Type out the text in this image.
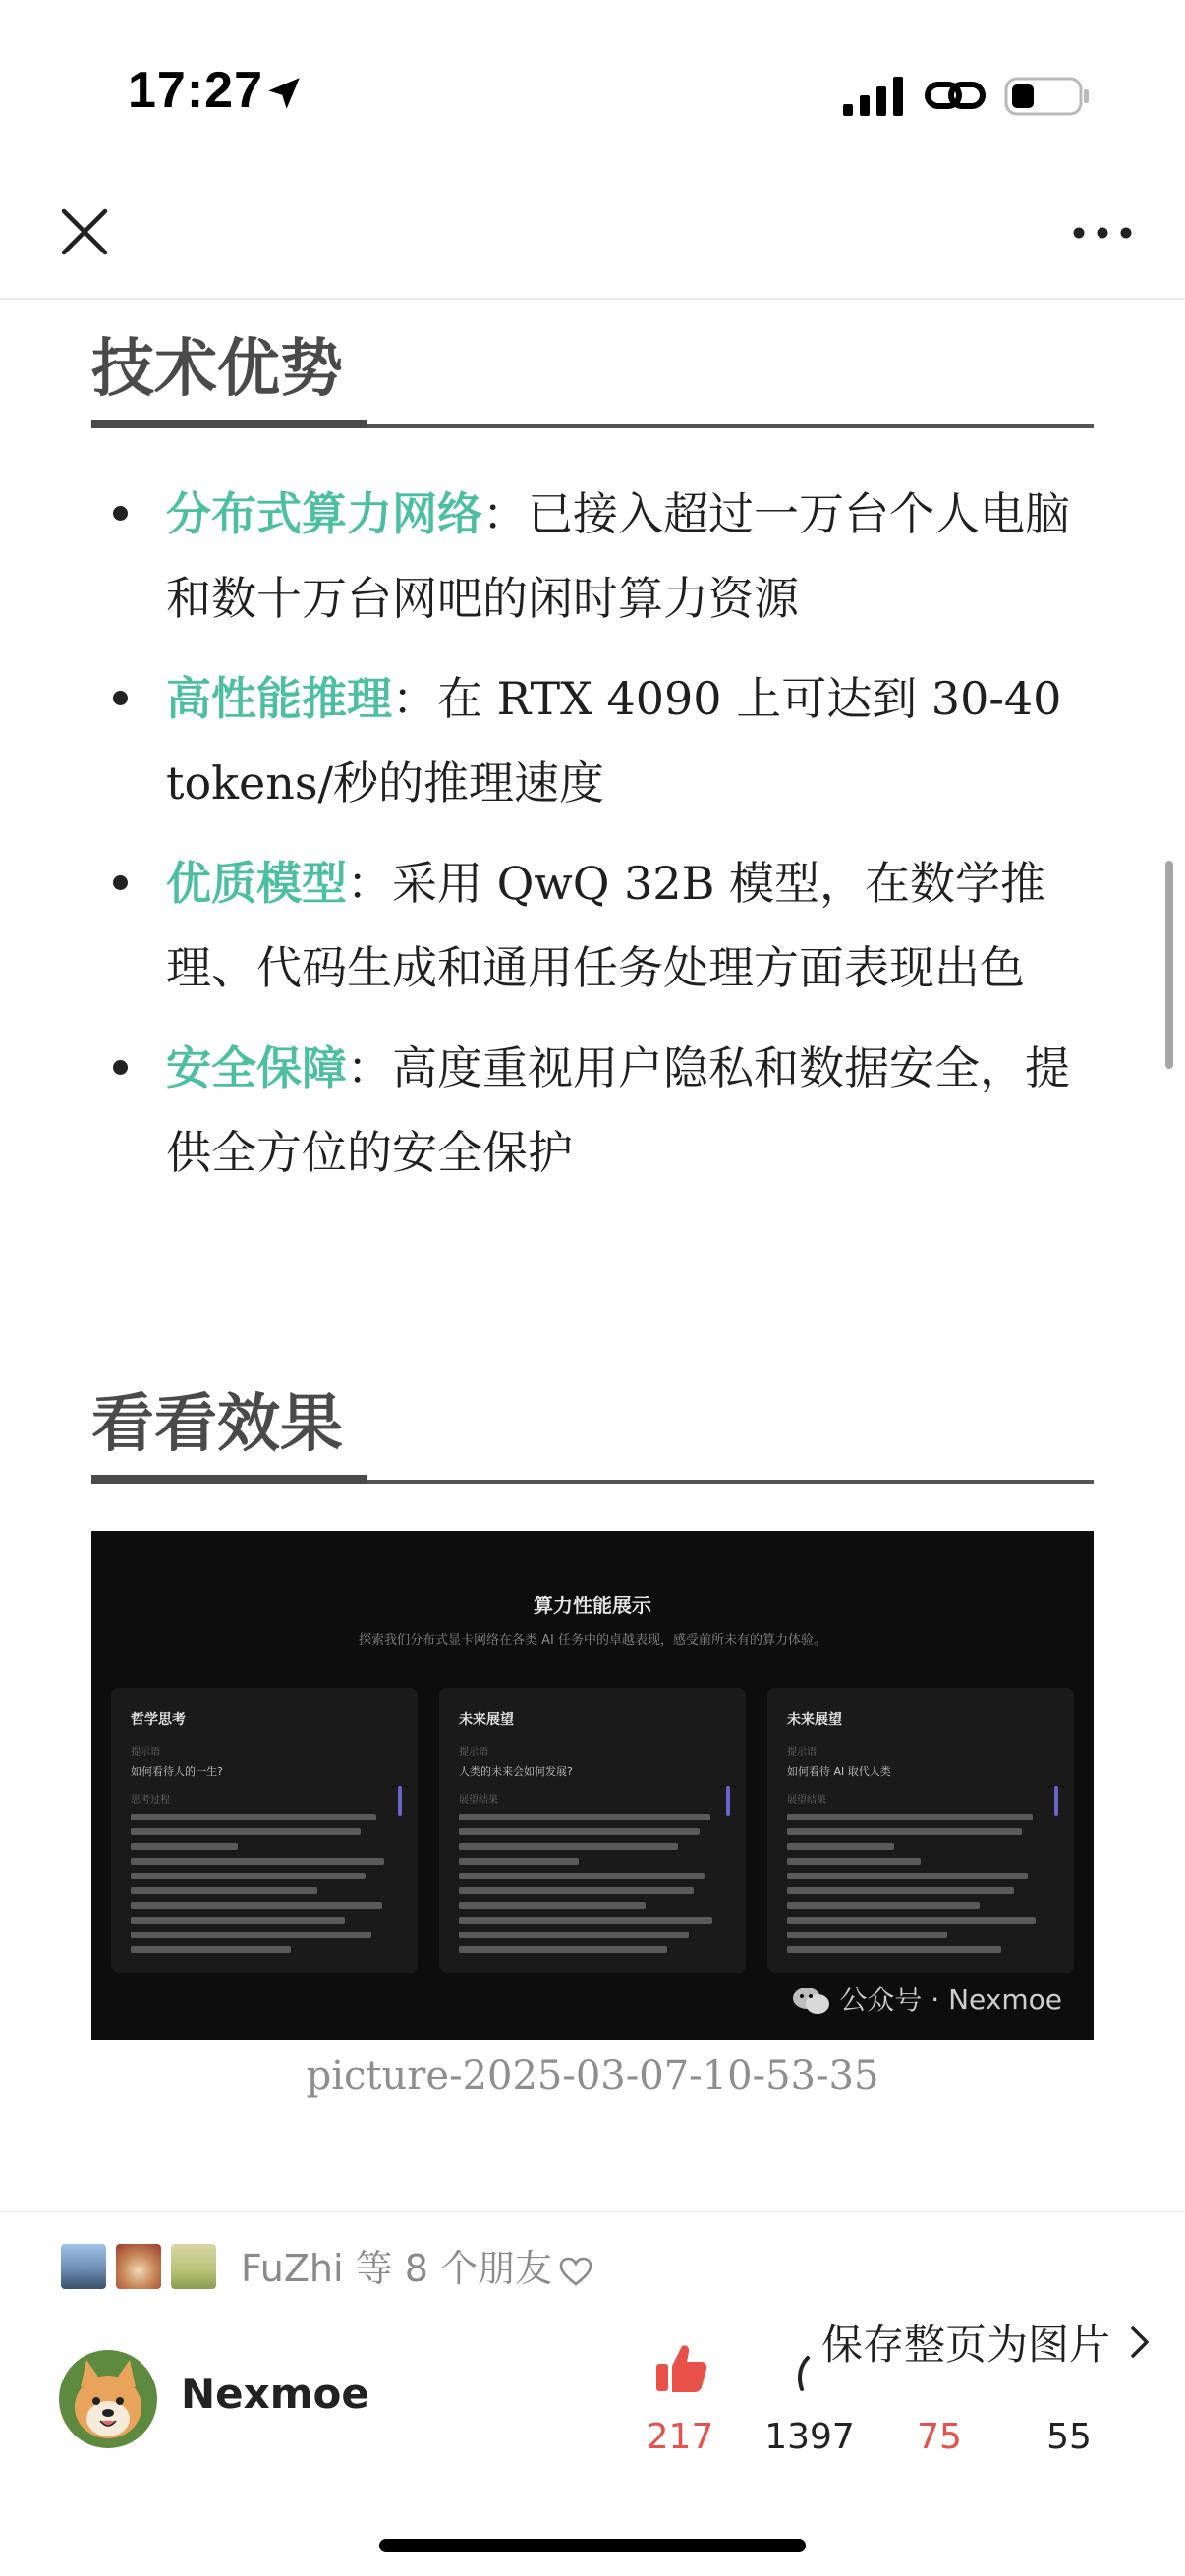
17:27
技术优势
分布式算力网络：已接入超过一万台个人电脑和数十万台网吧的闲时算力资源
高性能推理：在 RTX 4090 上可达到 30-40 tokens/秒的推理速度
优质模型：采用 QwQ 32B 模型，在数学推理、代码生成和通用任务处理方面表现出色
安全保障：高度重视用户隐私和数据安全，提供全方位的安全保护
看看效果
算力性能展示
探索我们分布式显卡网络在各类 AI 任务中的卓越表现，感受前所未有的算力体验。
哲学思考
提示语
如何看待人的一生?
思考过程
未来展望
提示语
人类的未来会如何发展?
展望结果
未来展望
提示语
如何看待 AI 取代人类
展望结果
公众号 · Nexmoe
picture-2025-03-07-10-53-35
FuZhi 等 8 个朋友
保存整页为图片
Nexmoe
217	1397	75	55
